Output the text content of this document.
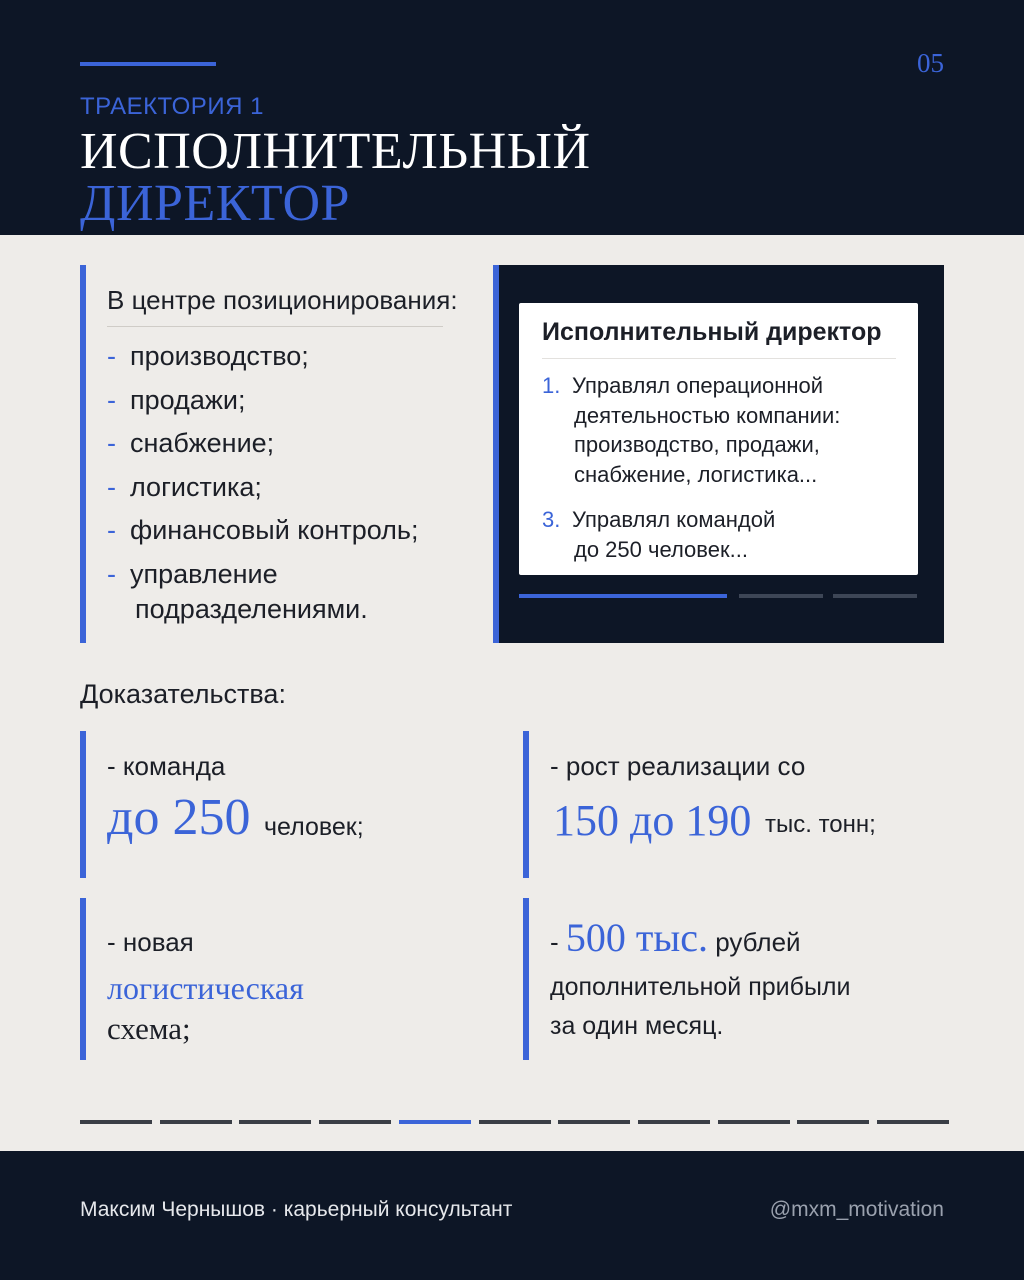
05
ТРАЕКТОРИЯ 1
ИСПОЛНИТЕЛЬНЫЙ
ДИРЕКТОР
В центре позиционирования:
- производство;
- продажи;
- снабжение;
- логистика;
- финансовый контроль;
- управление
подразделениями.
Исполнительный директор
1. Управлял операционной
деятельностью компании:
производство, продажи,
снабжение, логистика...
3. Управлял командой
до 250 человек...
Доказательства:
- команда
до 250 человек;
- рост реализации со
150 до 190 тыс. тонн;
- новая
логистическая
схема;
- 500 тыс. рублей
дополнительной прибыли
за один месяц.
Максим Чернышов · карьерный консультант	@mxm_motivation
